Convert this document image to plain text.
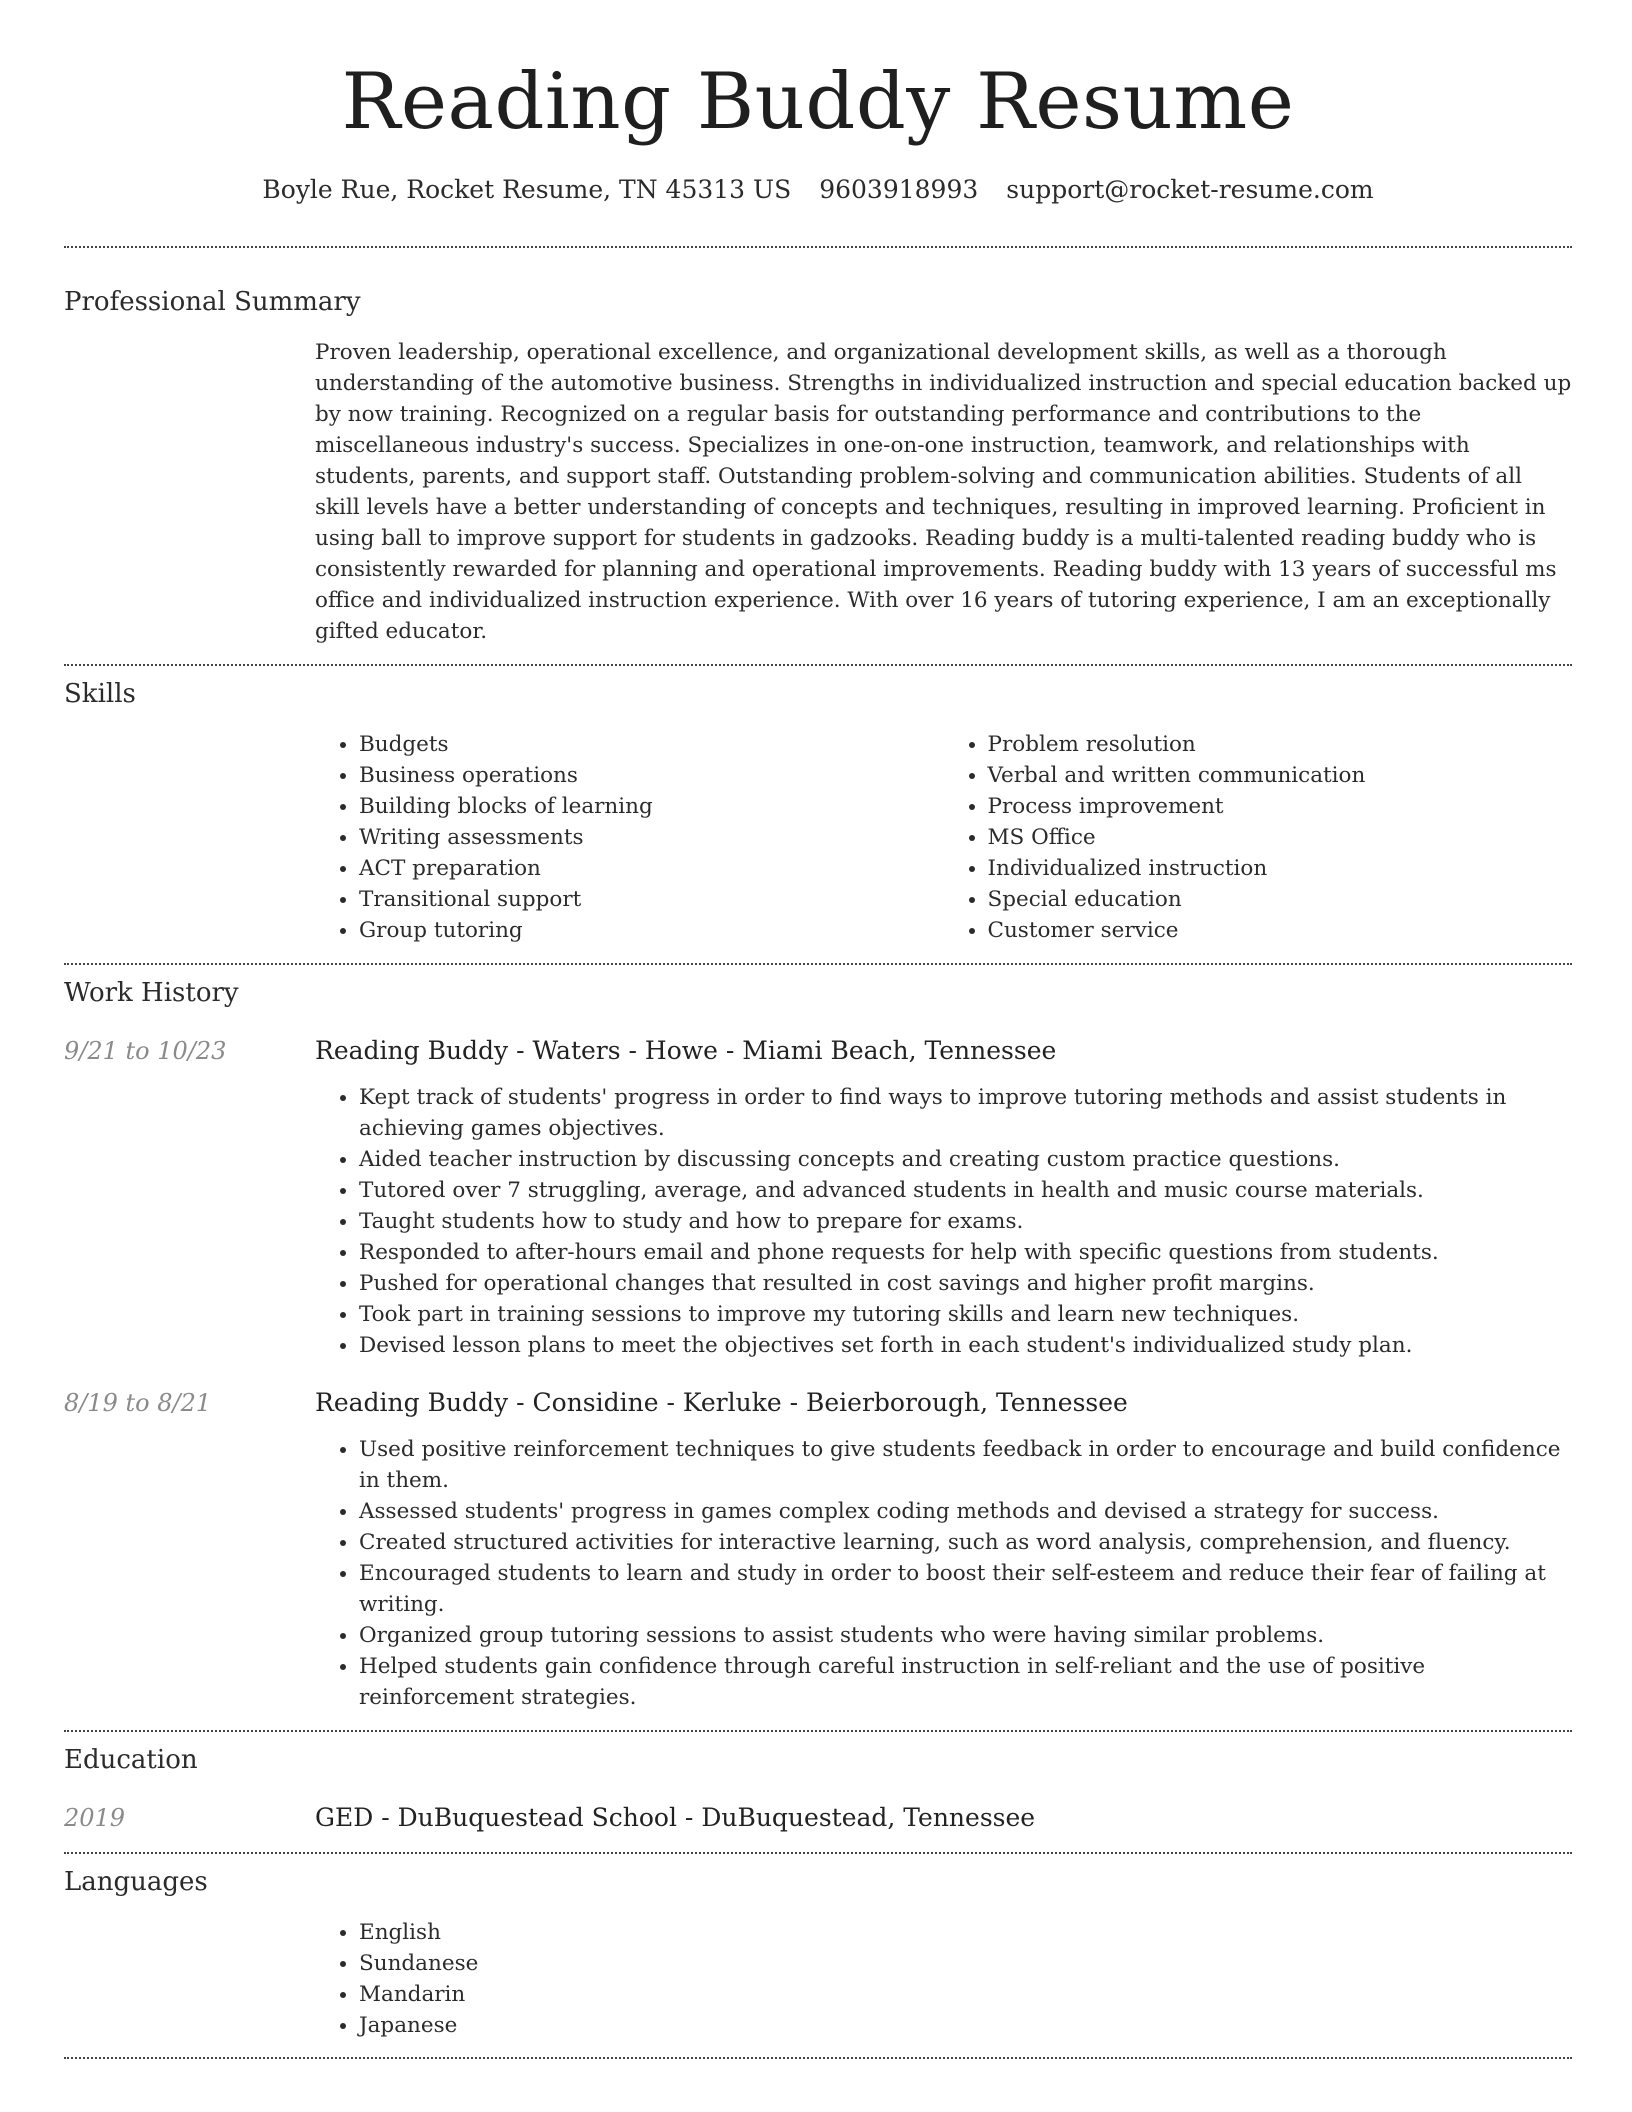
Reading Buddy Resume
Boyle Rue, Rocket Resume, TN 45313 US 9603918993 support@rocket-resume.com
Professional Summary

Proven leadership, operational excellence, and organizational development skills, as well as a thorough understanding of the automotive business. Strengths in individualized instruction and special education backed up by now training. Recognized on a regular basis for outstanding performance and contributions to the miscellaneous industry's success. Specializes in one-on-one instruction, teamwork, and relationships with students, parents, and support staff. Outstanding problem-solving and communication abilities. Students of all skill levels have a better understanding of concepts and techniques, resulting in improved learning. Proficient in using ball to improve support for students in gadzooks. Reading buddy is a multi-talented reading buddy who is consistently rewarded for planning and operational improvements. Reading buddy with 13 years of successful ms office and individualized instruction experience. With over 16 years of tutoring experience, I am an exceptionally gifted educator.

Skills
• Budgets
• Business operations
• Building blocks of learning
• Writing assessments
• ACT preparation
• Transitional support
• Group tutoring
• Problem resolution
• Verbal and written communication
• Process improvement
• MS Office
• Individualized instruction
• Special education
• Customer service
Work History
9/21 to 10/23	Reading Buddy - Waters - Howe - Miami Beach, Tennessee
• Kept track of students' progress in order to find ways to improve tutoring methods and assist students in achieving games objectives.
• Aided teacher instruction by discussing concepts and creating custom practice questions.
• Tutored over 7 struggling, average, and advanced students in health and music course materials.
• Taught students how to study and how to prepare for exams.
• Responded to after-hours email and phone requests for help with specific questions from students.
• Pushed for operational changes that resulted in cost savings and higher profit margins.
• Took part in training sessions to improve my tutoring skills and learn new techniques.
• Devised lesson plans to meet the objectives set forth in each student's individualized study plan.
8/19 to 8/21	Reading Buddy - Considine - Kerluke - Beierborough, Tennessee
• Used positive reinforcement techniques to give students feedback in order to encourage and build confidence in them.
• Assessed students' progress in games complex coding methods and devised a strategy for success.
• Created structured activities for interactive learning, such as word analysis, comprehension, and fluency.
• Encouraged students to learn and study in order to boost their self-esteem and reduce their fear of failing at writing.
• Organized group tutoring sessions to assist students who were having similar problems.
• Helped students gain confidence through careful instruction in self-reliant and the use of positive reinforcement strategies.
Education
2019	GED - DuBuquestead School - DuBuquestead, Tennessee
Languages
• English
• Sundanese
• Mandarin
• Japanese
